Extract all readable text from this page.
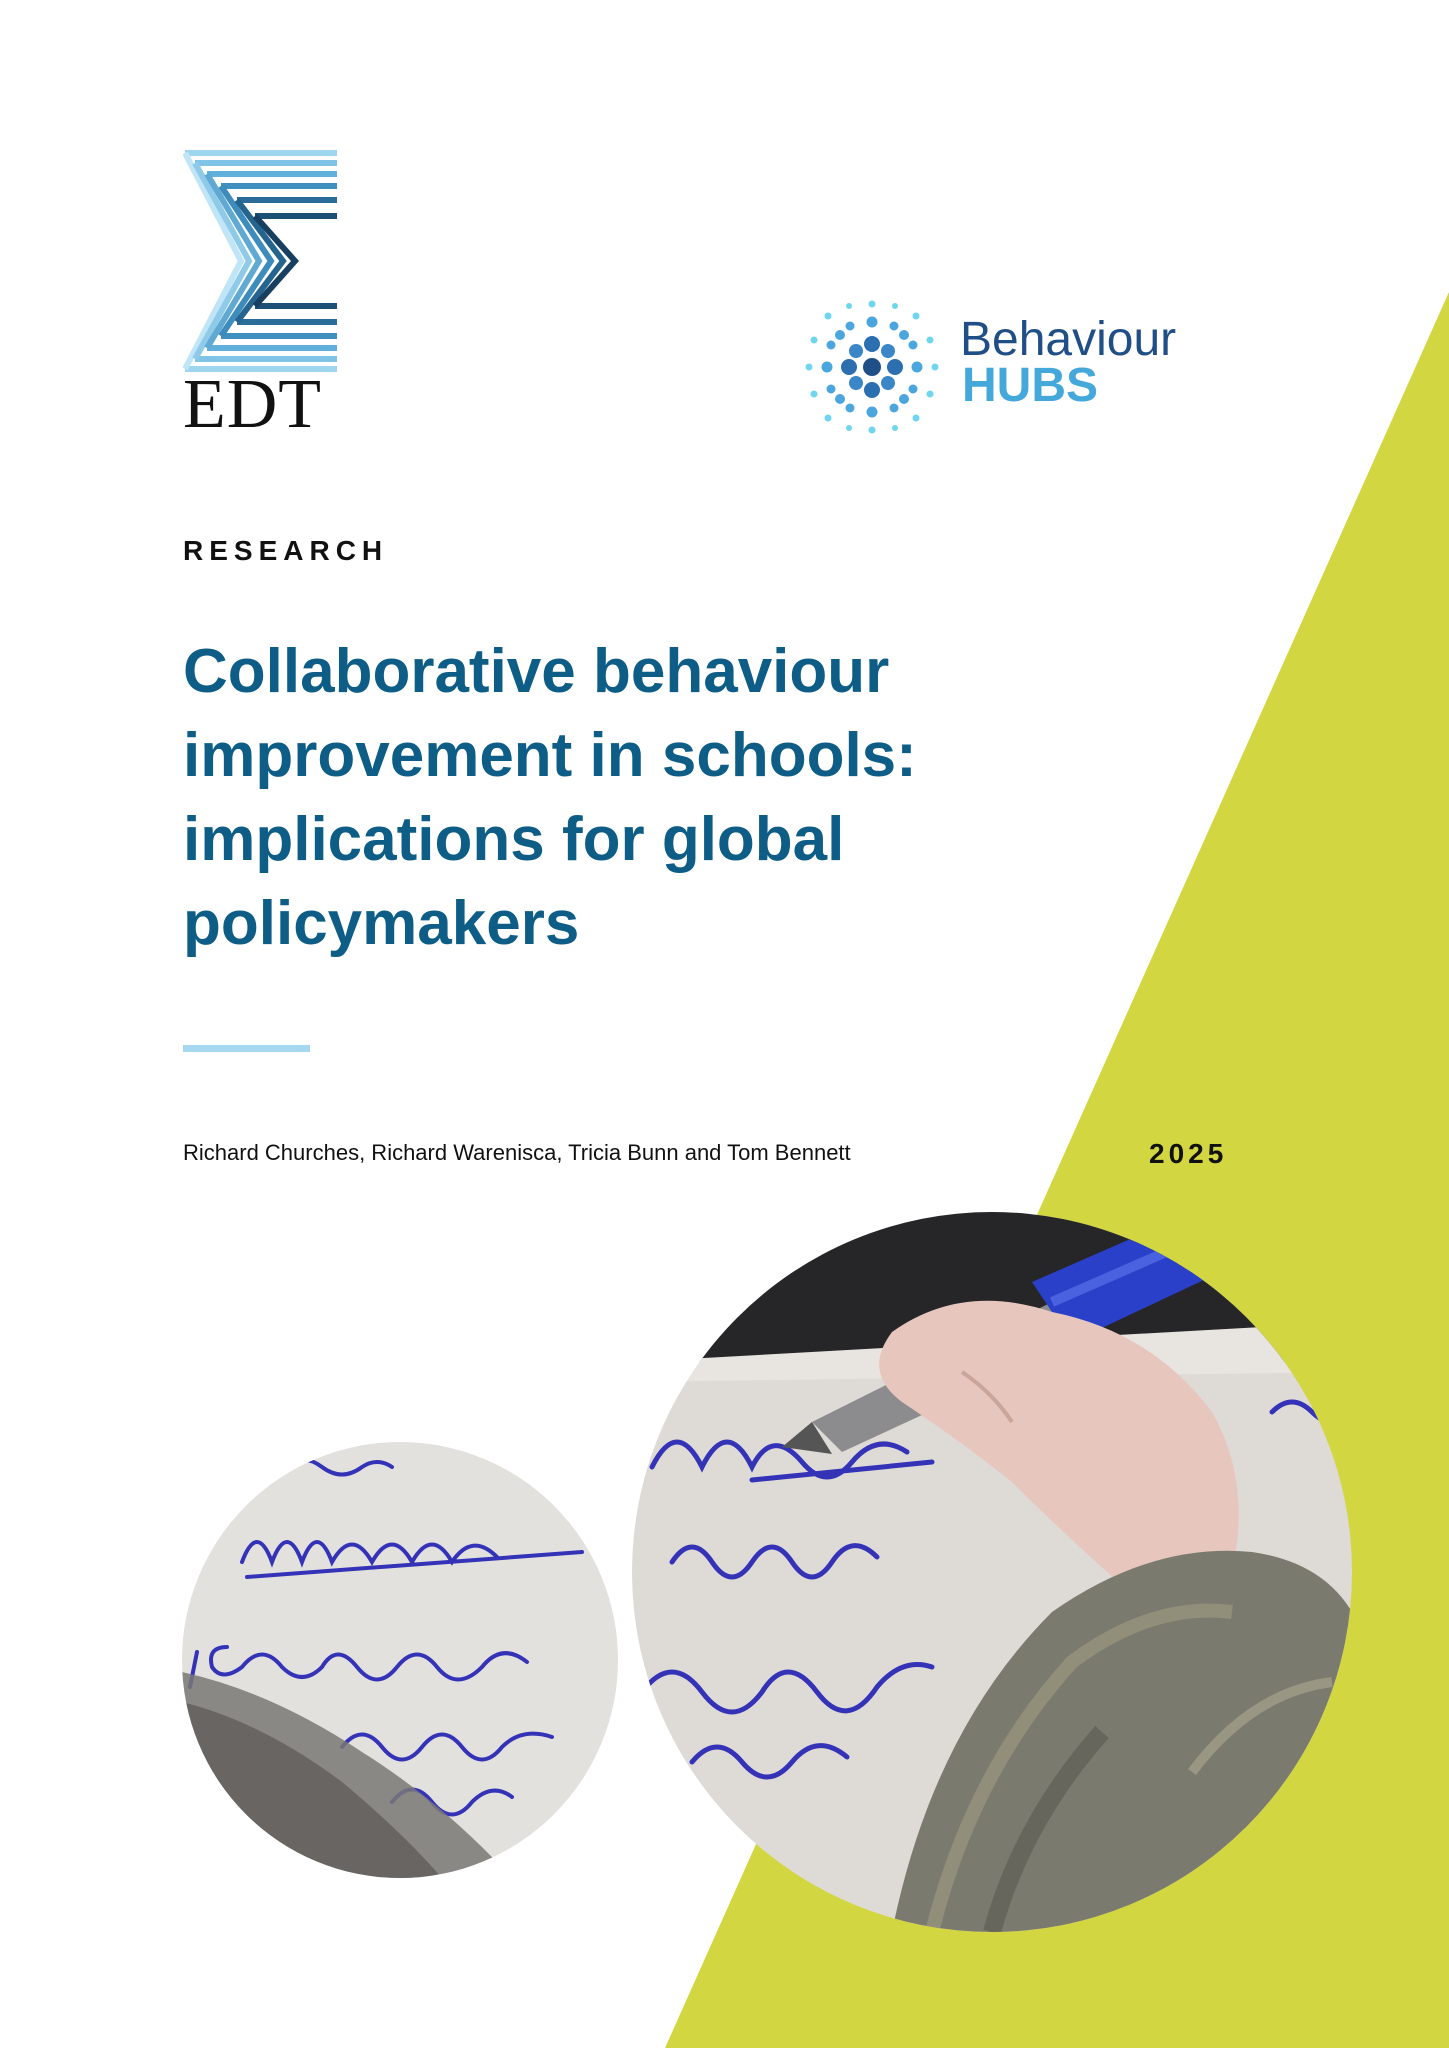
EDT
Behaviour
HUBS
RESEARCH
Collaborative behaviour improvement in schools: implications for global policymakers
Richard Churches, Richard Warenisca, Tricia Bunn and Tom Bennett	2025
